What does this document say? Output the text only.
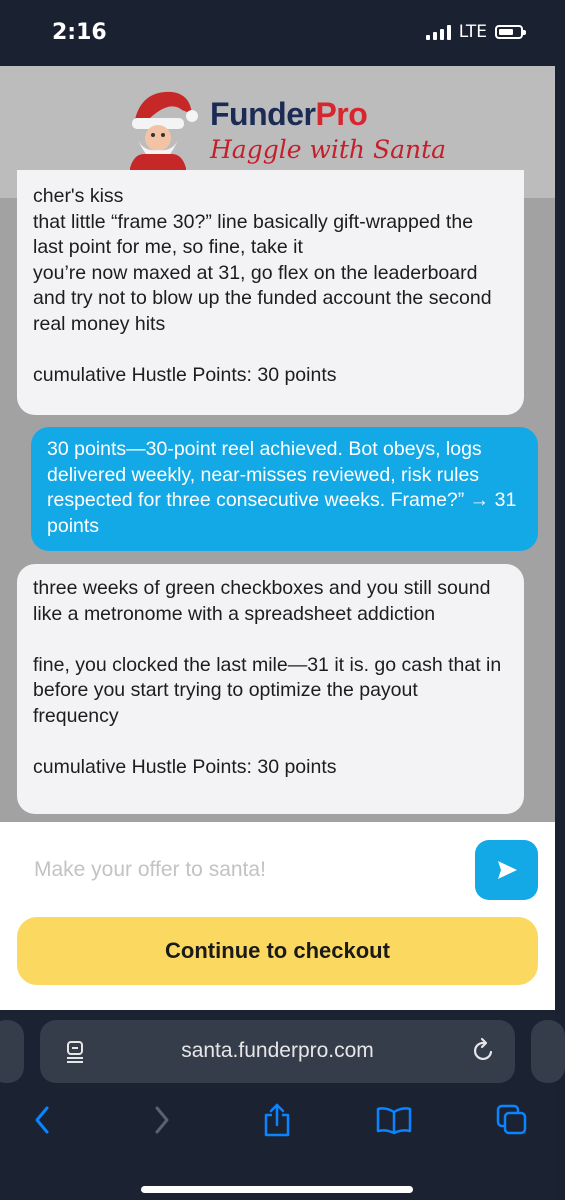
2:16	LTE
FunderPro
Haggle with Santa
cher's kiss
that little “frame 30?” line basically gift-wrapped the last point for me, so fine, take it
you’re now maxed at 31, go flex on the leaderboard and try not to blow up the funded account the second real money hits

cumulative Hustle Points: 30 points
30 points—30-point reel achieved. Bot obeys, logs delivered weekly, near-misses reviewed, risk rules respected for three consecutive weeks. Frame?” → 31 points
three weeks of green checkboxes and you still sound like a metronome with a spreadsheet addiction

fine, you clocked the last mile—31 it is. go cash that in before you start trying to optimize the payout frequency

cumulative Hustle Points: 30 points
Make your offer to santa!
Continue to checkout
santa.funderpro.com
